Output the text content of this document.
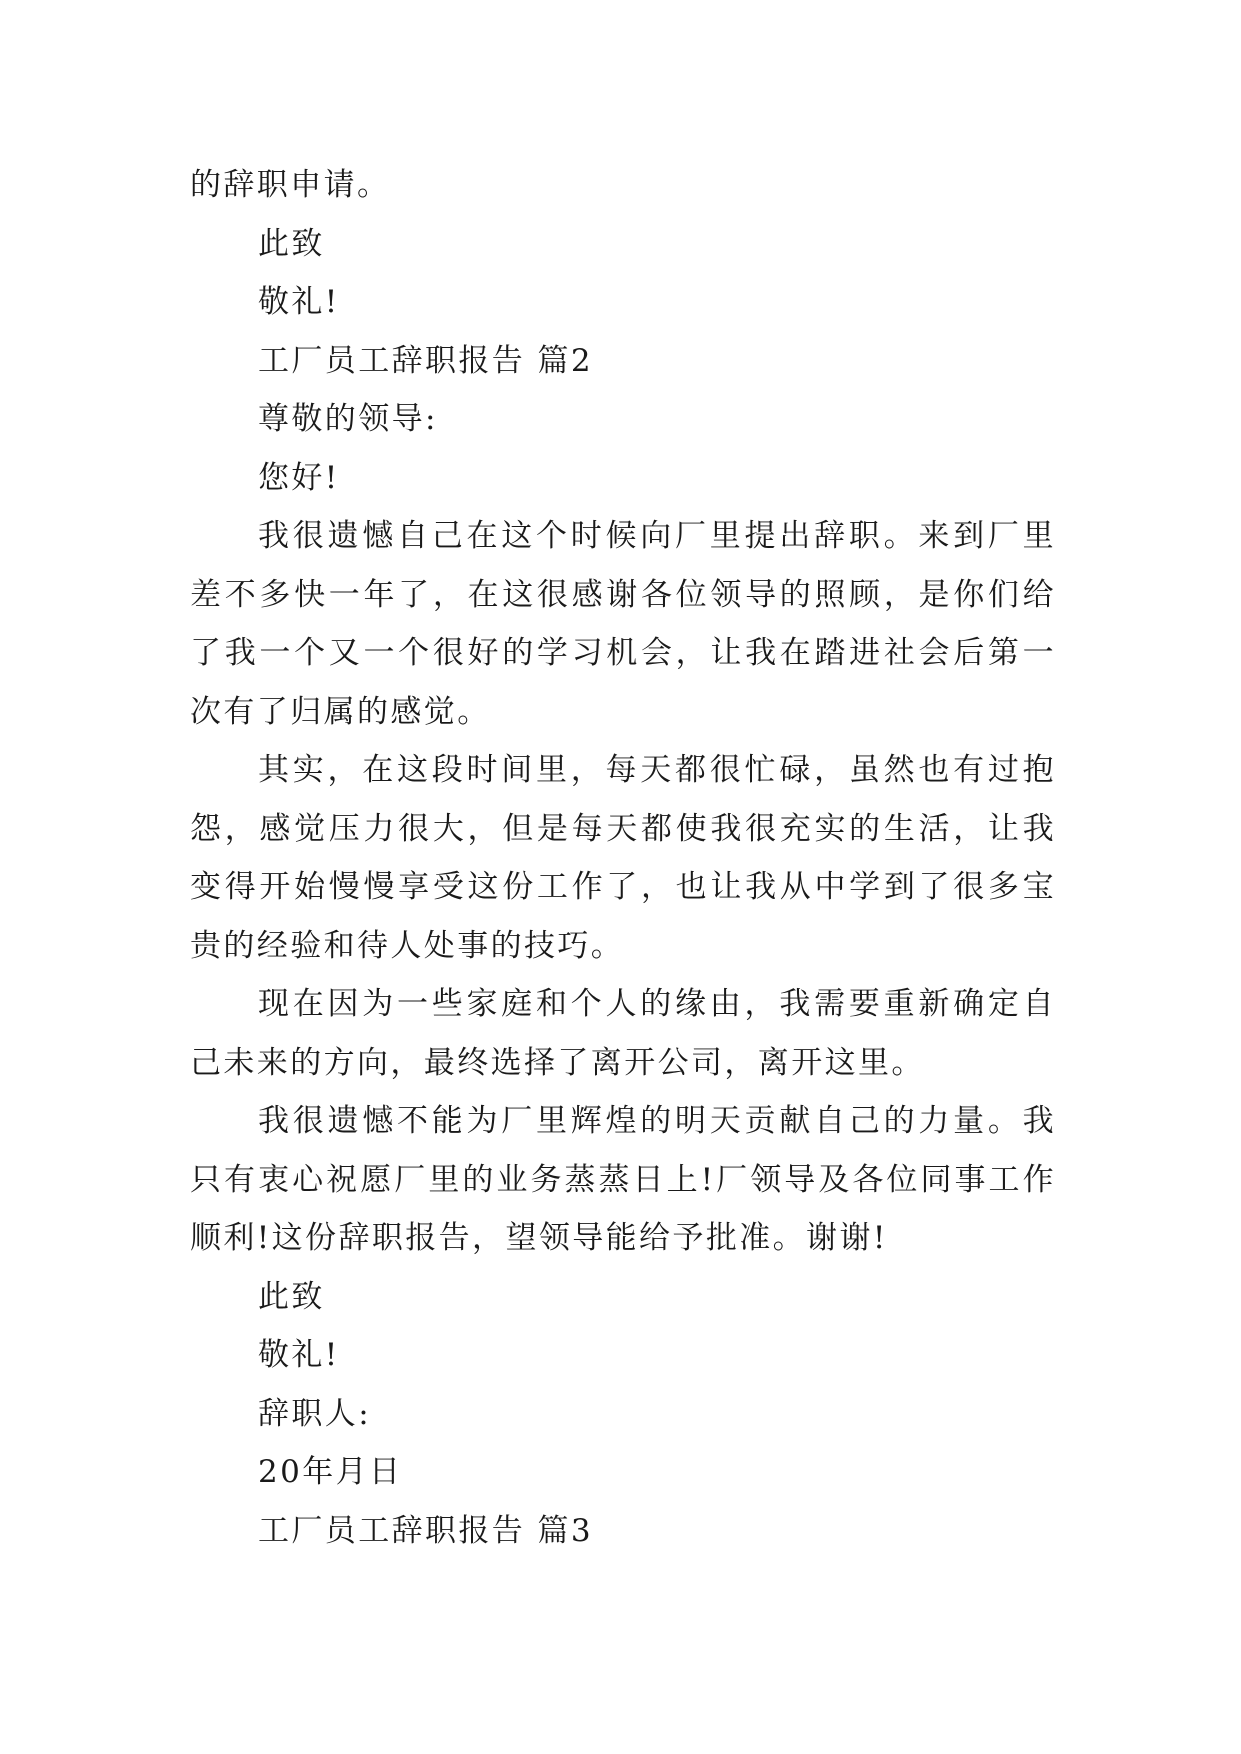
的辞职申请。

此致

敬礼!

工厂员工辞职报告 篇2

尊敬的领导:

您好!

我很遗憾自己在这个时候向厂里提出辞职。来到厂里差不多快一年了，在这很感谢各位领导的照顾，是你们给了我一个又一个很好的学习机会，让我在踏进社会后第一次有了归属的感觉。

其实，在这段时间里，每天都很忙碌，虽然也有过抱怨，感觉压力很大，但是每天都使我很充实的生活，让我变得开始慢慢享受这份工作了，也让我从中学到了很多宝贵的经验和待人处事的技巧。

现在因为一些家庭和个人的缘由，我需要重新确定自己未来的方向，最终选择了离开公司，离开这里。

我很遗憾不能为厂里辉煌的明天贡献自己的力量。我只有衷心祝愿厂里的业务蒸蒸日上!厂领导及各位同事工作顺利!这份辞职报告，望领导能给予批准。谢谢!

此致

敬礼!

辞职人:

20年月日

工厂员工辞职报告 篇3
